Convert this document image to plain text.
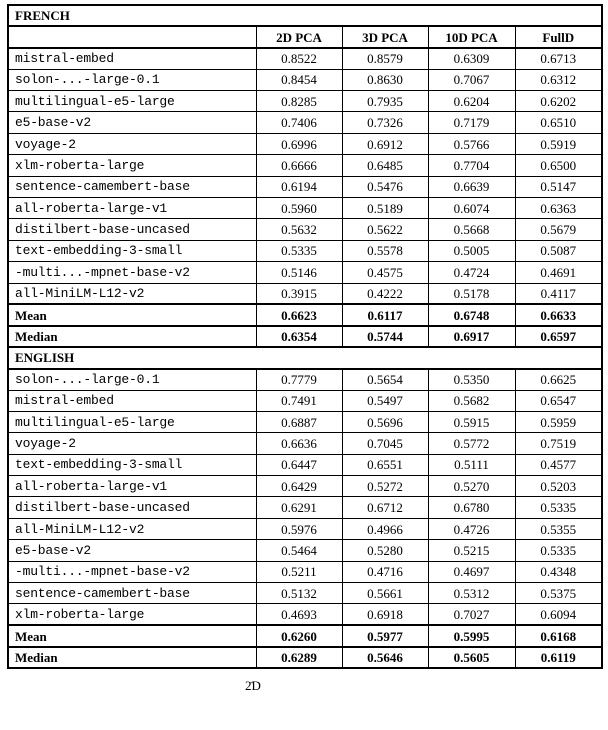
FRENCH				
	2D PCA	3D PCA	10D PCA	FullD
mistral-embed	0.8522	0.8579	0.6309	0.6713
solon-...-large-0.1	0.8454	0.8630	0.7067	0.6312
multilingual-e5-large	0.8285	0.7935	0.6204	0.6202
e5-base-v2	0.7406	0.7326	0.7179	0.6510
voyage-2	0.6996	0.6912	0.5766	0.5919
xlm-roberta-large	0.6666	0.6485	0.7704	0.6500
sentence-camembert-base	0.6194	0.5476	0.6639	0.5147
all-roberta-large-v1	0.5960	0.5189	0.6074	0.6363
distilbert-base-uncased	0.5632	0.5622	0.5668	0.5679
text-embedding-3-small	0.5335	0.5578	0.5005	0.5087
-multi...-mpnet-base-v2	0.5146	0.4575	0.4724	0.4691
all-MiniLM-L12-v2	0.3915	0.4222	0.5178	0.4117
Mean	0.6623	0.6117	0.6748	0.6633
Median	0.6354	0.5744	0.6917	0.6597
ENGLISH				
solon-...-large-0.1	0.7779	0.5654	0.5350	0.6625
mistral-embed	0.7491	0.5497	0.5682	0.6547
multilingual-e5-large	0.6887	0.5696	0.5915	0.5959
voyage-2	0.6636	0.7045	0.5772	0.7519
text-embedding-3-small	0.6447	0.6551	0.5111	0.4577
all-roberta-large-v1	0.6429	0.5272	0.5270	0.5203
distilbert-base-uncased	0.6291	0.6712	0.6780	0.5335
all-MiniLM-L12-v2	0.5976	0.4966	0.4726	0.5355
e5-base-v2	0.5464	0.5280	0.5215	0.5335
-multi...-mpnet-base-v2	0.5211	0.4716	0.4697	0.4348
sentence-camembert-base	0.5132	0.5661	0.5312	0.5375
xlm-roberta-large	0.4693	0.6918	0.7027	0.6094
Mean	0.6260	0.5977	0.5995	0.6168
Median	0.6289	0.5646	0.5605	0.6119
2̄D
